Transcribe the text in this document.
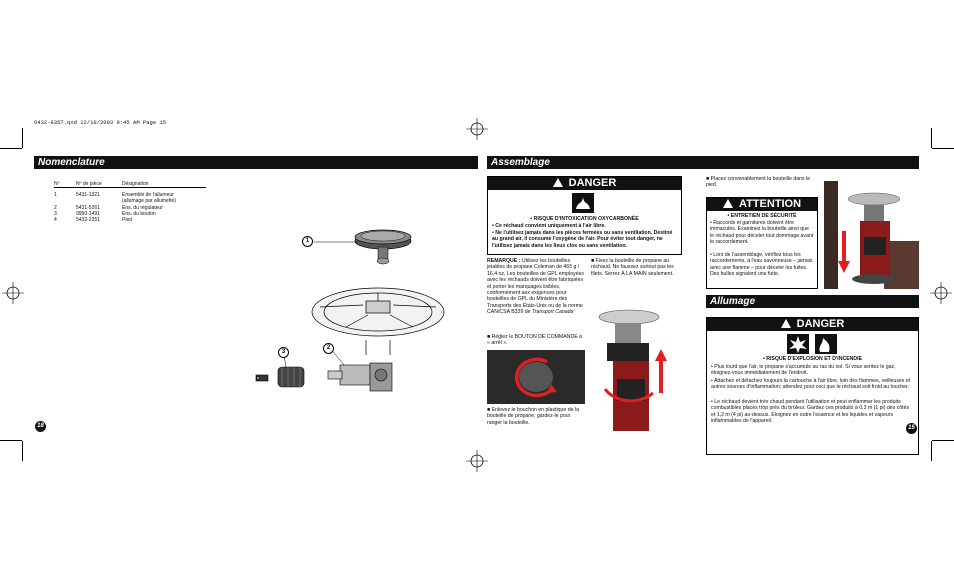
6432-835T.qxd 12/10/2003 9:45 AM Page 15
Nomenclature
Nº	Nº de pièce	Désignation

1	5431-1321	Ensemble de l'allumeur
(allumage par allumette)
2	5431-5261	Ens. du régulateur
3	9950-1491	Ens. du bouton
4	5432-2251	Pied
1
2
3
18
Assemblage
DANGER
• RISQUE D'INTOXICATION OXYCARBONÉE
• Ce réchaud convient uniquement à l'air libre.
• Ne l'utilisez jamais dans les pièces fermées ou sans ventilation. Destiné au grand air, il consume l'oxygène de l'air. Pour éviter tout danger, ne l'utilisez jamais dans les lieux clos ou sans ventilation.
REMARQUE : Utilisez les bouteilles jetables de propane Coleman de 465 g / 16,4 oz. Les bouteilles de GPL employées avec les réchauds doivent être fabriquées et porter les marquages lisibles, conformément aux exigences pour bouteilles de GPL du Ministère des Transports des États-Unis ou de la norme CAN/CSA B339 de Transport Canada
■ Réglez le BOUTON DE COMMANDE à « arrêt ».
■ Enlevez le bouchon en plastique de la bouteille de propane; gardez-le pour ranger la bouteille.
■ Fixez la bouteille de propane au réchaud. Ne faussez surtout pas les filets. Serrez À LA MAIN seulement.
■ Placez convenablement la bouteille dans le pied.
ATTENTION
• ENTRETIEN DE SÉCURITÉ
• Raccords et garnitures doivent être immaculés. Examinez la bouteille ainsi que le réchaud pour déceler tout dommage avant le raccordement.
• Lors de l'assemblage, vérifiez tous les raccordements, à l'eau savonneuse – jamais avec une flamme – pour déceler les fuites. Des bulles signalent une fuite.
Allumage
DANGER
• RISQUE D'EXPLOSION ET D'INCENDIE
• Plus lourd que l'air, le propane s'accumule au ras du sol. Si vous sentez le gaz, éloignez-vous immédiatement de l'endroit.
• Attachez et détachez toujours la cartouche à l'air libre, loin des flammes, veilleuses et autres sources d'inflammation; attendez pour ceci que le réchaud soit froid au toucher.
• Le réchaud devient très chaud pendant l'utilisation et peut enflammer les produits combustibles placés trop près du brûleur. Gardez ces produits à 0,3 m (1 pi) des côtés et 1,2 m (4 pi) au-dessus. Éloignez en outre l'essence et les liquides et vapeurs inflammables de l'appareil.
15
